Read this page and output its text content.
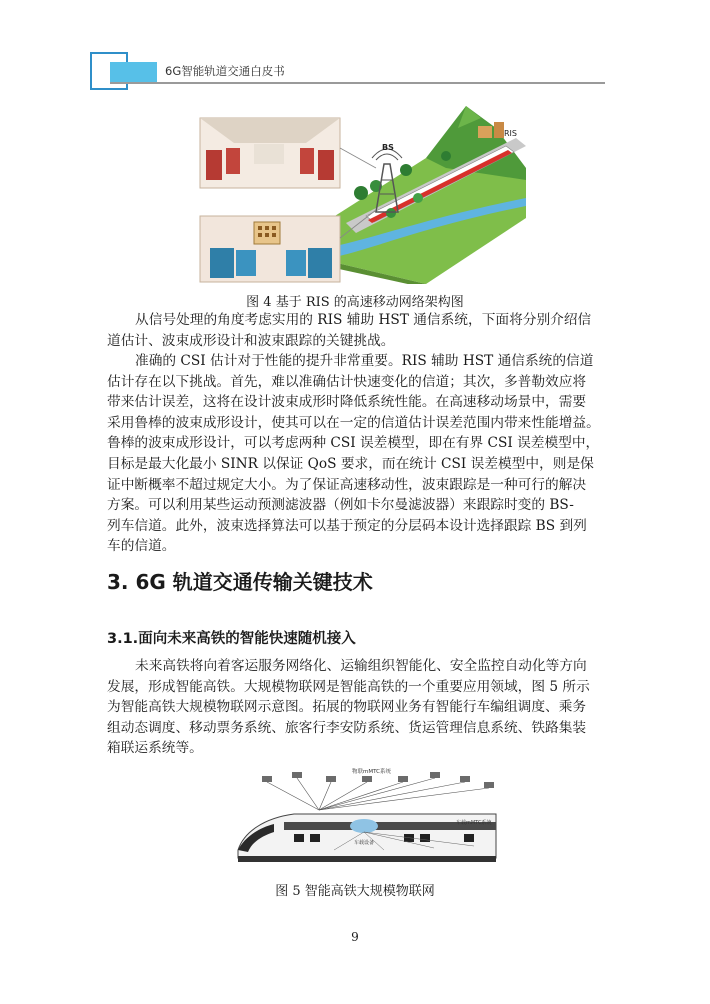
6G智能轨道交通白皮书
BS
RIS
图 4 基于 RIS 的高速移动网络架构图

从信号处理的角度考虑实用的 RIS 辅助 HST 通信系统，下面将分别介绍信
道估计、波束成形设计和波束跟踪的关键挑战。

准确的 CSI 估计对于性能的提升非常重要。RIS 辅助 HST 通信系统的信道
估计存在以下挑战。首先，难以准确估计快速变化的信道；其次，多普勒效应将
带来估计误差，这将在设计波束成形时降低系统性能。在高速移动场景中，需要
采用鲁棒的波束成形设计，使其可以在一定的信道估计误差范围内带来性能增益。
鲁棒的波束成形设计，可以考虑两种 CSI 误差模型，即在有界 CSI 误差模型中，
目标是最大化最小 SINR 以保证 QoS 要求，而在统计 CSI 误差模型中，则是保
证中断概率不超过规定大小。为了保证高速移动性，波束跟踪是一种可行的解决
方案。可以利用某些运动预测滤波器（例如卡尔曼滤波器）来跟踪时变的 BS-
列车信道。此外，波束选择算法可以基于预定的分层码本设计选择跟踪 BS 到列
车的信道。

3. 6G 轨道交通传输关键技术
3.1.面向未来高铁的智能快速随机接入

未来高铁将向着客运服务网络化、运输组织智能化、安全监控自动化等方向
发展，形成智能高铁。大规模物联网是智能高铁的一个重要应用领域，图 5 所示
为智能高铁大规模物联网示意图。拓展的物联网业务有智能行车编组调度、乘务
组动态调度、移动票务系统、旅客行李安防系统、货运管理信息系统、铁路集装
箱联运系统等。

物联mMTC系统
车载设备
车载mMTC系统
图 5 智能高铁大规模物联网
9
